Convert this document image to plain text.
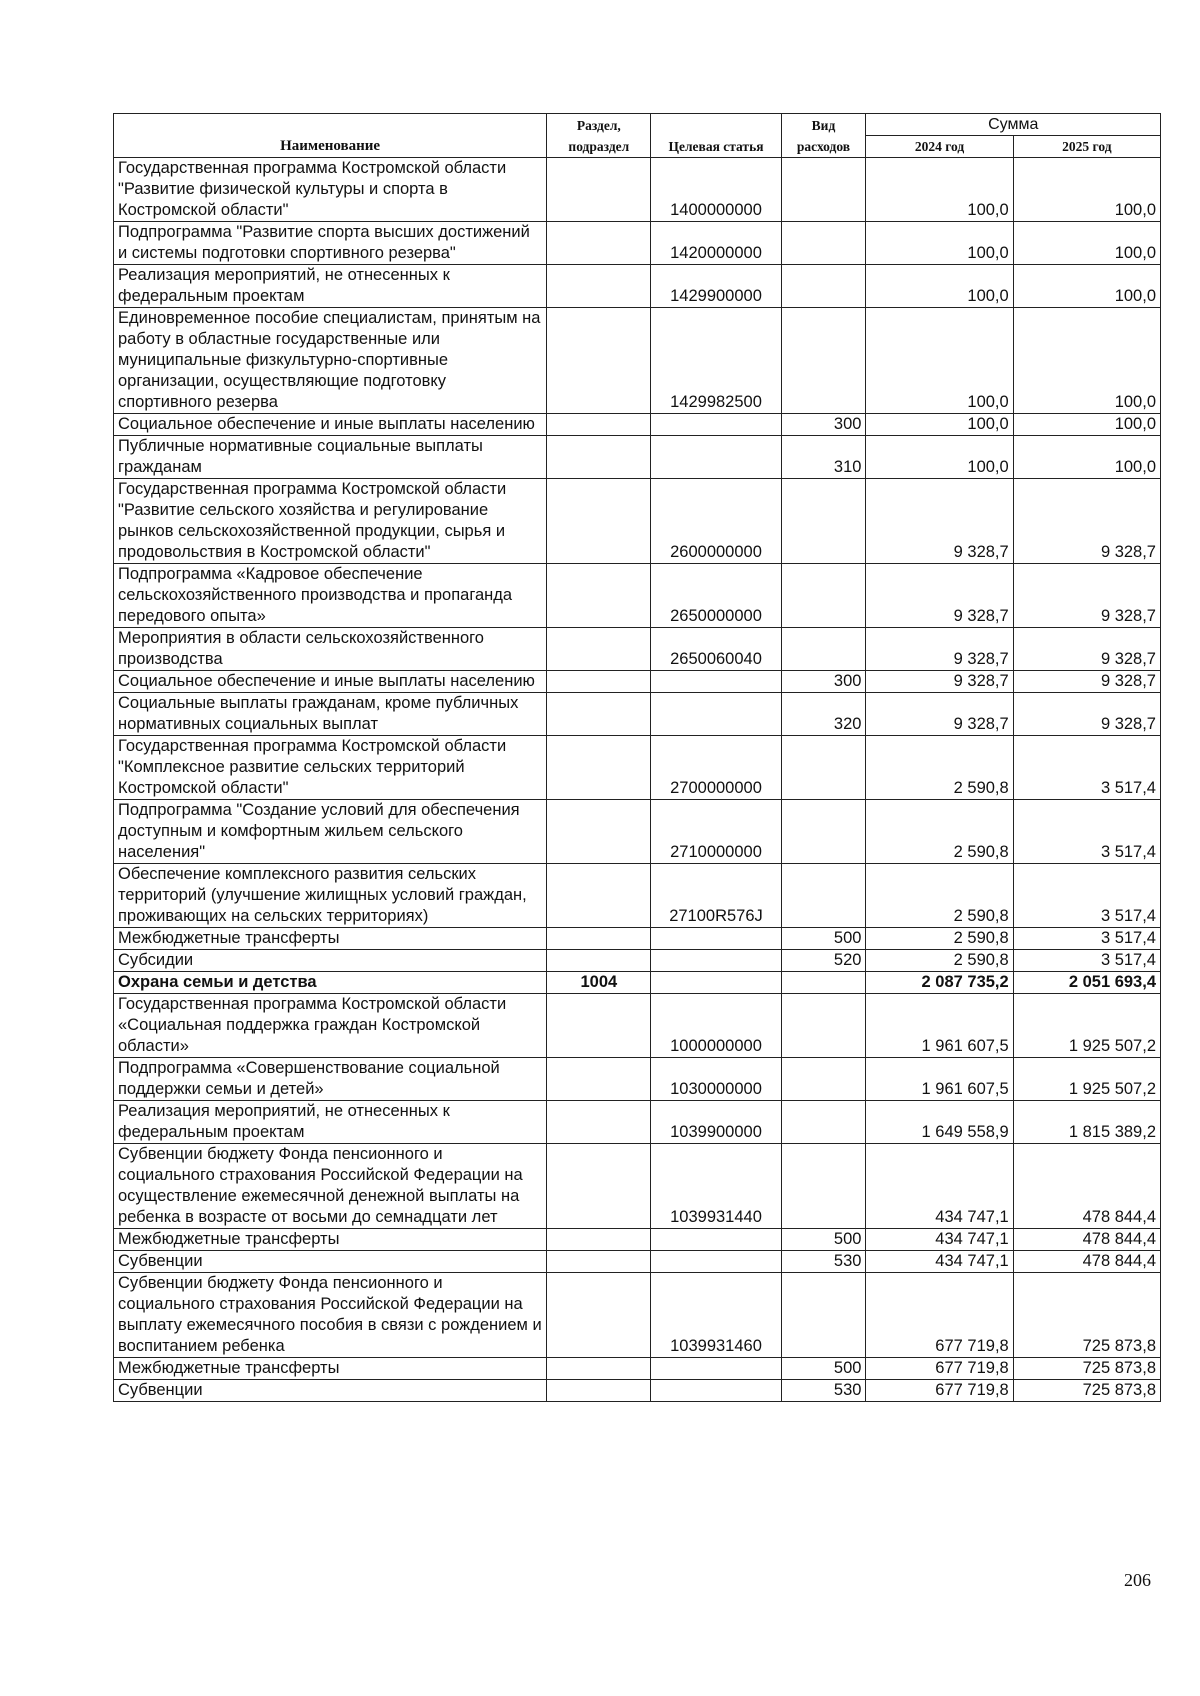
Наименование	Раздел, подраздел	Целевая статья	Вид расходов	Сумма	
				2024 год	2025 год
Государственная программа Костромской области "Развитие физической культуры и спорта в Костромской области"		1400000000		100,0	100,0
Подпрограмма "Развитие спорта высших достижений и системы подготовки спортивного резерва"		1420000000		100,0	100,0
Реализация мероприятий, не отнесенных к федеральным проектам		1429900000		100,0	100,0
Единовременное пособие специалистам, принятым на работу в областные государственные или муниципальные физкультурно-спортивные организации, осуществляющие подготовку спортивного резерва		1429982500		100,0	100,0
Социальное обеспечение и иные выплаты населению			300	100,0	100,0
Публичные нормативные социальные выплаты гражданам			310	100,0	100,0
Государственная программа Костромской области "Развитие сельского хозяйства и регулирование рынков сельскохозяйственной продукции, сырья и продовольствия в Костромской области"		2600000000		9 328,7	9 328,7
Подпрограмма «Кадровое обеспечение сельскохозяйственного производства и пропаганда передового опыта»		2650000000		9 328,7	9 328,7
Мероприятия в области сельскохозяйственного производства		2650060040		9 328,7	9 328,7
Социальное обеспечение и иные выплаты населению			300	9 328,7	9 328,7
Социальные выплаты гражданам, кроме публичных нормативных социальных выплат			320	9 328,7	9 328,7
Государственная программа Костромской области "Комплексное развитие сельских территорий Костромской области"		2700000000		2 590,8	3 517,4
Подпрограмма "Создание условий для обеспечения доступным и комфортным жильем сельского населения"		2710000000		2 590,8	3 517,4
Обеспечение комплексного развития сельских территорий (улучшение жилищных условий граждан, проживающих на сельских территориях)		27100R576J		2 590,8	3 517,4
Межбюджетные трансферты			500	2 590,8	3 517,4
Субсидии			520	2 590,8	3 517,4
Охрана семьи и детства	1004			2 087 735,2	2 051 693,4
Государственная программа Костромской области «Социальная поддержка граждан Костромской области»		1000000000		1 961 607,5	1 925 507,2
Подпрограмма «Совершенствование социальной поддержки семьи и детей»		1030000000		1 961 607,5	1 925 507,2
Реализация мероприятий, не отнесенных к федеральным проектам		1039900000		1 649 558,9	1 815 389,2
Субвенции бюджету Фонда пенсионного и социального страхования Российской Федерации на осуществление ежемесячной денежной выплаты на ребенка в возрасте от восьми до семнадцати лет		1039931440		434 747,1	478 844,4
Межбюджетные трансферты			500	434 747,1	478 844,4
Субвенции			530	434 747,1	478 844,4
Субвенции бюджету Фонда пенсионного и социального страхования Российской Федерации на выплату ежемесячного пособия в связи с рождением и воспитанием ребенка		1039931460		677 719,8	725 873,8
Межбюджетные трансферты			500	677 719,8	725 873,8
Субвенции			530	677 719,8	725 873,8
206
